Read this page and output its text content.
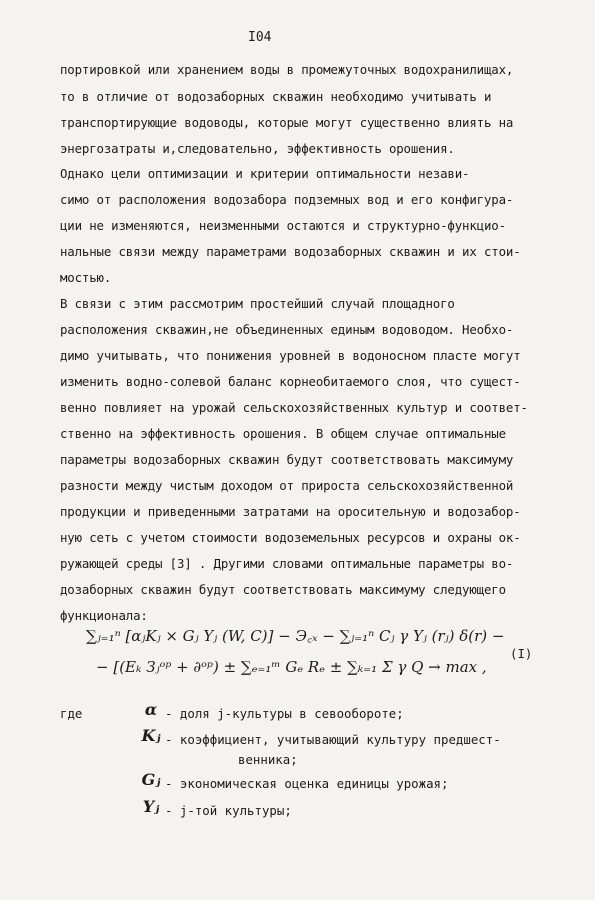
I04
портировкой или хранением воды в промежуточных водохранилищах,
то в отличие от водозаборных скважин необходимо учитывать и
транспортирующие водоводы, которые могут существенно влиять на
энергозатраты и,следовательно, эффективность орошения.
Однако цели оптимизации и критерии оптимальности незави-
симо от расположения водозабора подземных вод и его конфигура-
ции не изменяются, неизменными остаются и структурно-функцио-
нальные связи между параметрами водозаборных скважин и их стои-
мостью.
В связи с этим рассмотрим простейший случай площадного
расположения скважин,не объединенных единым водоводом. Необхо-
димо учитывать, что понижения уровней в водоносном пласте могут
изменить водно-солевой баланс корнеобитаемого слоя, что сущест-
венно повлияет на урожай сельскохозяйственных культур и соответ-
ственно на эффективность орошения. В общем случае оптимальные
параметры водозаборных скважин будут соответствовать максимуму
разности между чистым доходом от прироста сельскохозяйственной
продукции и приведенными затратами на оросительную и водозабор-
ную сеть с учетом стоимости водоземельных ресурсов и охраны ок-
ружающей среды [3] . Другими словами оптимальные параметры во-
дозаборных скважин будут соответствовать максимуму следующего
функционала:
∑ⱼ₌₁ⁿ [αⱼKⱼ × Gⱼ Yⱼ (W, C)] − Э꜀ₓ − ∑ⱼ₌₁ⁿ Cⱼ γ Yⱼ (rⱼ) δ(r) −
− [(Eₖ Зⱼᵒᵖ + ∂ᵒᵖ) ± ∑ₑ₌₁ᵐ Gₑ Rₑ ± ∑ₖ₌₁ Σ γ Q → max ,
(I)
где	α - доля j-культуры в севообороте;
Kⱼ - коэффициент, учитывающий культуру предшест-
венника;
Gⱼ - экономическая оценка единицы урожая;
Yⱼ - j-той культуры;
